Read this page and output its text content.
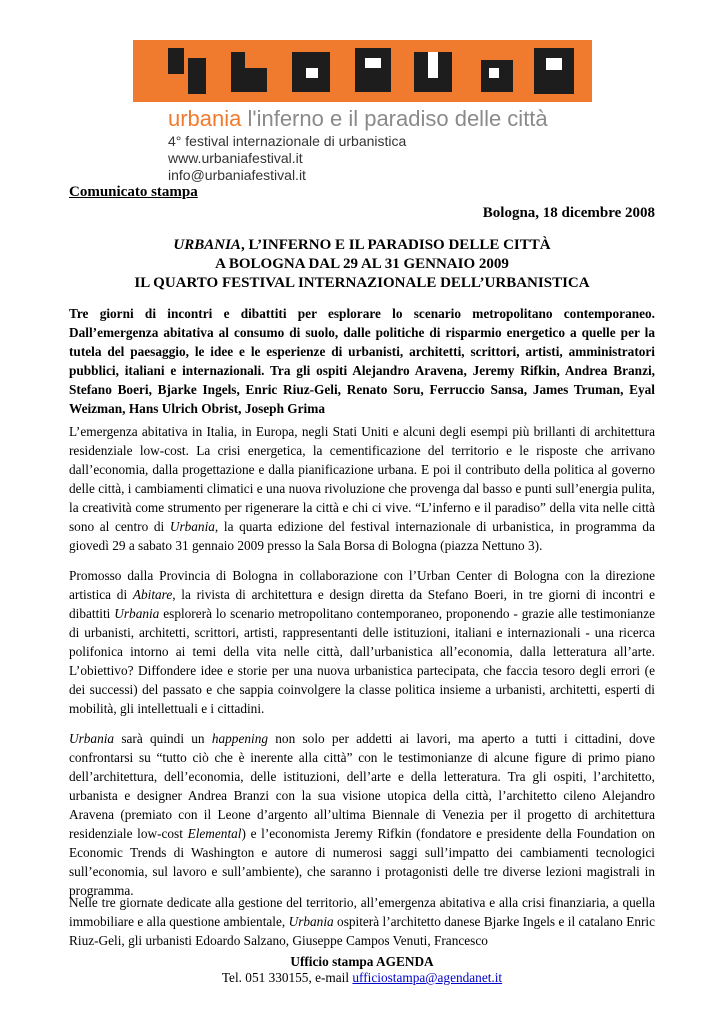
urbania l'inferno e il paradiso delle città
4° festival internazionale di urbanistica
www.urbaniafestival.it
info@urbaniafestival.it
Comunicato stampa
Bologna, 18 dicembre 2008
URBANIA, L’INFERNO E IL PARADISO DELLE CITTÀ
A BOLOGNA DAL 29 AL 31 GENNAIO 2009
IL QUARTO FESTIVAL INTERNAZIONALE DELL’URBANISTICA
Tre giorni di incontri e dibattiti per esplorare lo scenario metropolitano contemporaneo. Dall’emergenza abitativa al consumo di suolo, dalle politiche di risparmio energetico a quelle per la tutela del paesaggio, le idee e le esperienze di urbanisti, architetti, scrittori, artisti, amministratori pubblici, italiani e internazionali. Tra gli ospiti Alejandro Aravena, Jeremy Rifkin, Andrea Branzi, Stefano Boeri, Bjarke Ingels, Enric Riuz-Geli, Renato Soru, Ferruccio Sansa, James Truman, Eyal Weizman, Hans Ulrich Obrist, Joseph Grima
L’emergenza abitativa in Italia, in Europa, negli Stati Uniti e alcuni degli esempi più brillanti di architettura residenziale low-cost. La crisi energetica, la cementificazione del territorio e le risposte che arrivano dall’economia, dalla progettazione e dalla pianificazione urbana. E poi il contributo della politica al governo delle città, i cambiamenti climatici e una nuova rivoluzione che provenga dal basso e punti sull’energia pulita, la creatività come strumento per rigenerare la città e chi ci vive. “L’inferno e il paradiso” della vita nelle città sono al centro di Urbania, la quarta edizione del festival internazionale di urbanistica, in programma da giovedì 29 a sabato 31 gennaio 2009 presso la Sala Borsa di Bologna (piazza Nettuno 3).
Promosso dalla Provincia di Bologna in collaborazione con l’Urban Center di Bologna con la direzione artistica di Abitare, la rivista di architettura e design diretta da Stefano Boeri, in tre giorni di incontri e dibattiti Urbania esplorerà lo scenario metropolitano contemporaneo, proponendo - grazie alle testimonianze di urbanisti, architetti, scrittori, artisti, rappresentanti delle istituzioni, italiani e internazionali - una ricerca polifonica intorno ai temi della vita nelle città, dall’urbanistica all’economia, dalla letteratura all’arte. L’obiettivo? Diffondere idee e storie per una nuova urbanistica partecipata, che faccia tesoro degli errori (e dei successi) del passato e che sappia coinvolgere la classe politica insieme a urbanisti, architetti, esperti di mobilità, gli intellettuali e i cittadini.
Urbania sarà quindi un happening non solo per addetti ai lavori, ma aperto a tutti i cittadini, dove confrontarsi su “tutto ciò che è inerente alla città” con le testimonianze di alcune figure di primo piano dell’architettura, dell’economia, delle istituzioni, dell’arte e della letteratura. Tra gli ospiti, l’architetto, urbanista e designer Andrea Branzi con la sua visione utopica della città, l’architetto cileno Alejandro Aravena (premiato con il Leone d’argento all’ultima Biennale di Venezia per il progetto di architettura residenziale low-cost Elemental) e l’economista Jeremy Rifkin (fondatore e presidente della Foundation on Economic Trends di Washington e autore di numerosi saggi sull’impatto dei cambiamenti tecnologici sull’economia, sul lavoro e sull’ambiente), che saranno i protagonisti delle tre diverse lezioni magistrali in programma.
Nelle tre giornate dedicate alla gestione del territorio, all’emergenza abitativa e alla crisi finanziaria, a quella immobiliare e alla questione ambientale, Urbania ospiterà l’architetto danese Bjarke Ingels e il catalano Enric Riuz-Geli, gli urbanisti Edoardo Salzano, Giuseppe Campos Venuti, Francesco
Ufficio stampa AGENDA
Tel. 051 330155, e-mail ufficiostampa@agendanet.it
